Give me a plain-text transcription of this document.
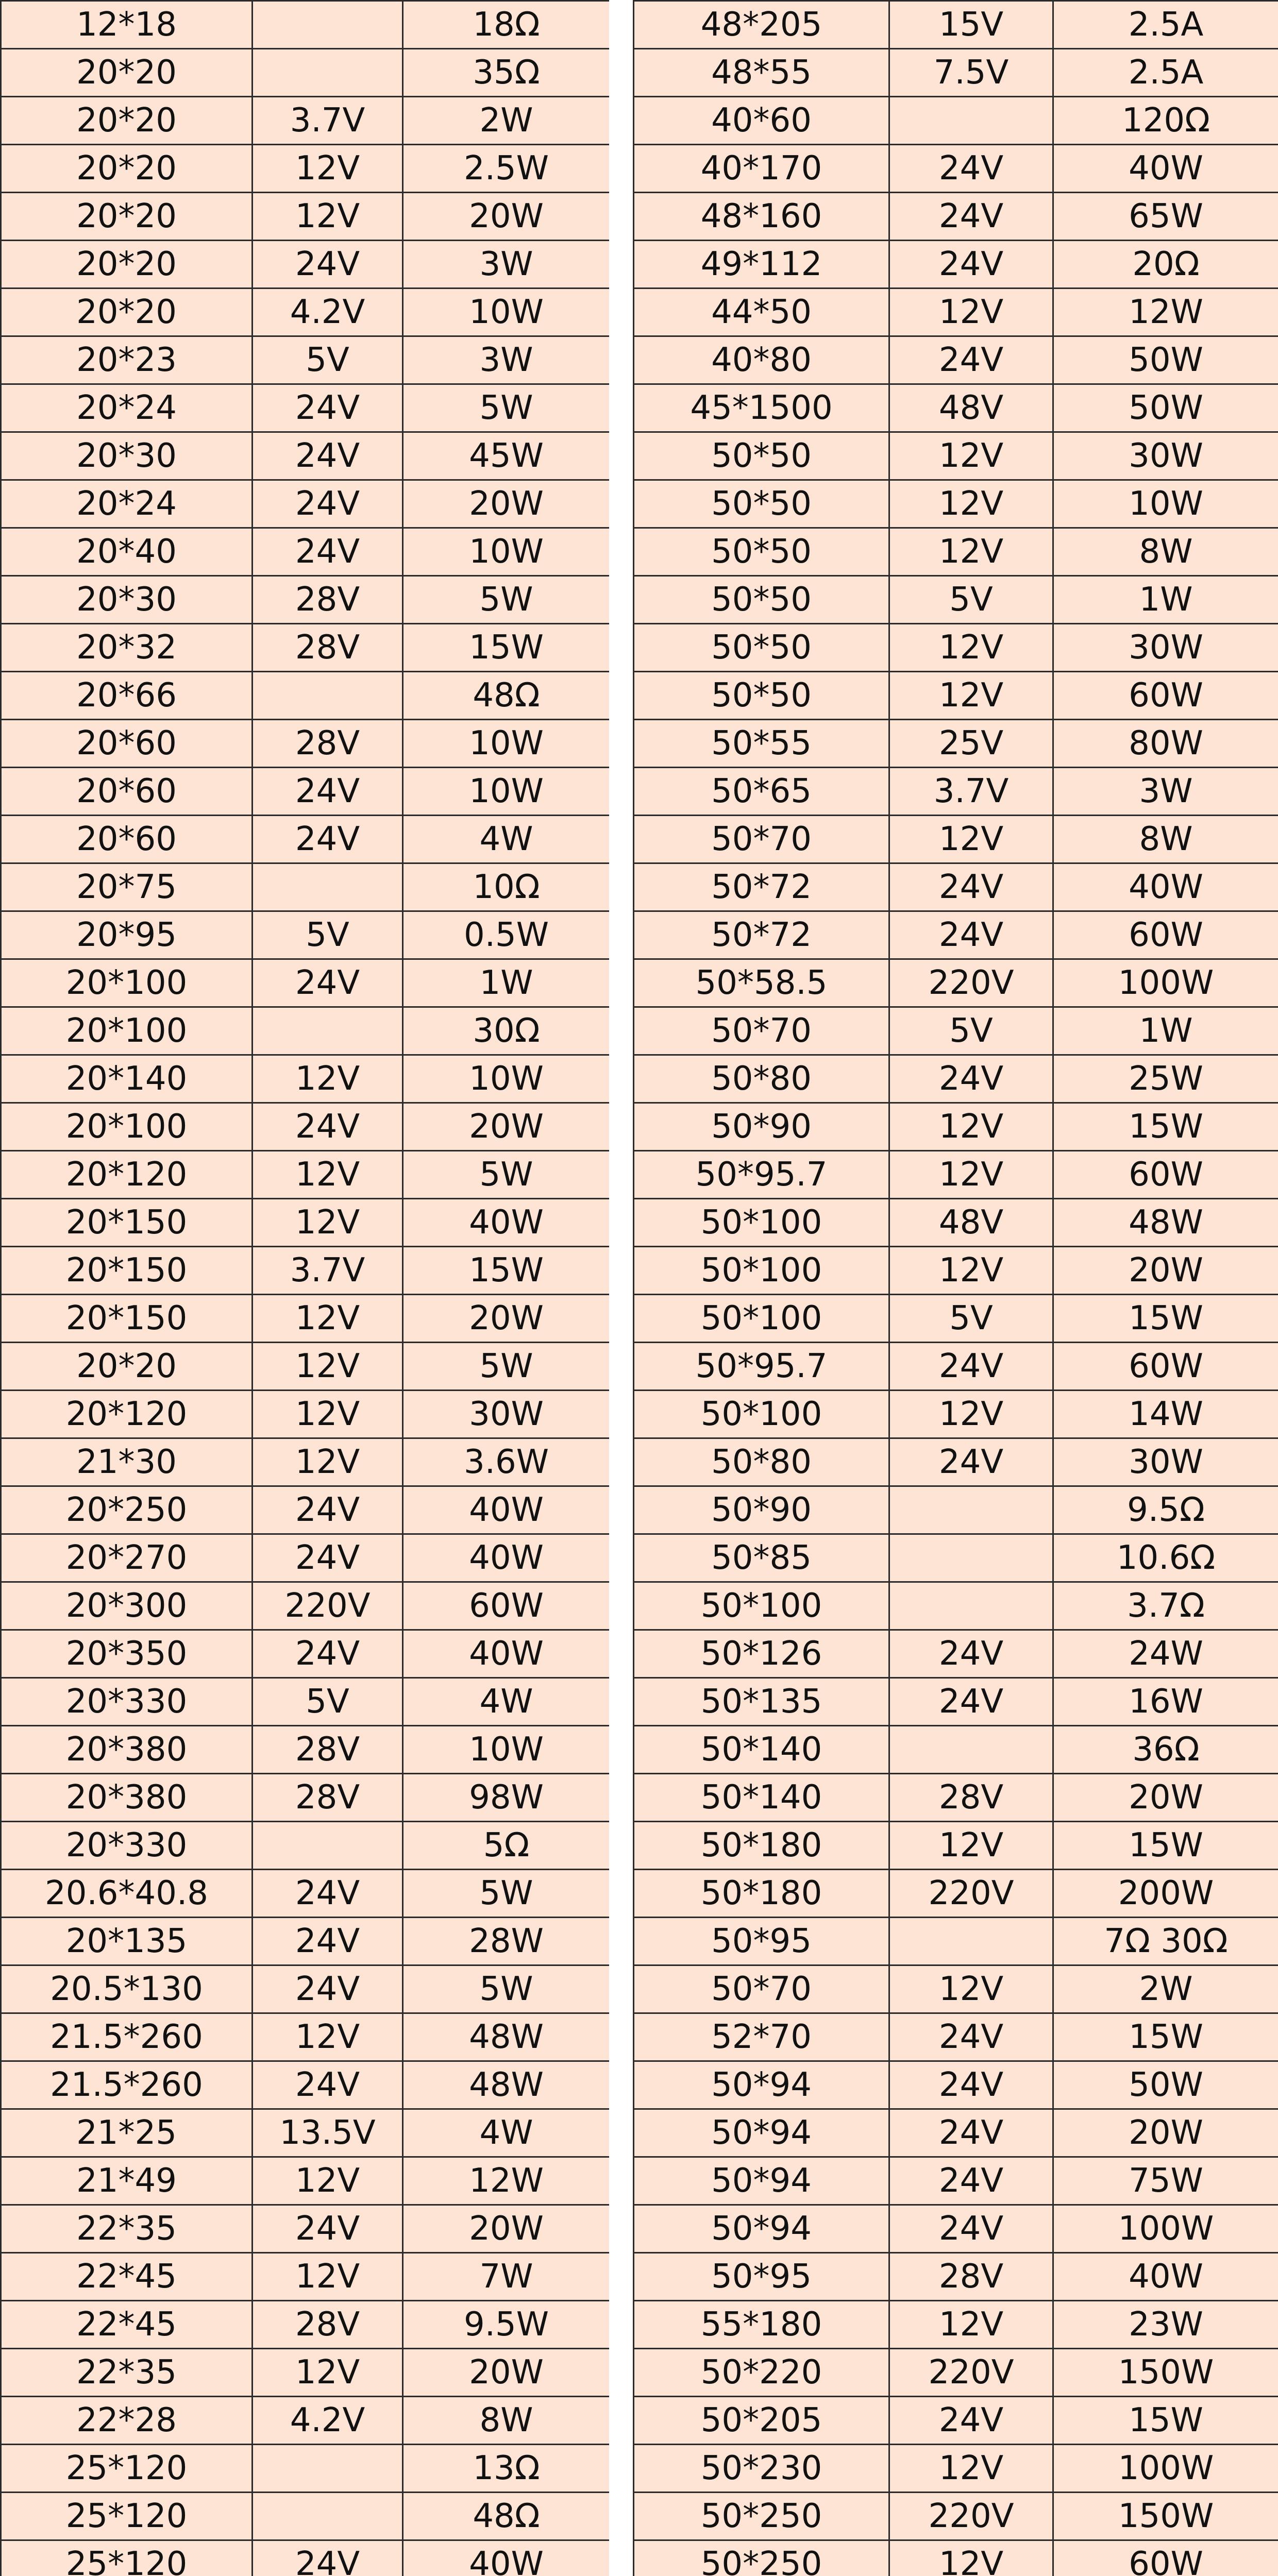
12*18		18Ω
20*20		35Ω
20*20	3.7V	2W
20*20	12V	2.5W
20*20	12V	20W
20*20	24V	3W
20*20	4.2V	10W
20*23	5V	3W
20*24	24V	5W
20*30	24V	45W
20*24	24V	20W
20*40	24V	10W
20*30	28V	5W
20*32	28V	15W
20*66		48Ω
20*60	28V	10W
20*60	24V	10W
20*60	24V	4W
20*75		10Ω
20*95	5V	0.5W
20*100	24V	1W
20*100		30Ω
20*140	12V	10W
20*100	24V	20W
20*120	12V	5W
20*150	12V	40W
20*150	3.7V	15W
20*150	12V	20W
20*20	12V	5W
20*120	12V	30W
21*30	12V	3.6W
20*250	24V	40W
20*270	24V	40W
20*300	220V	60W
20*350	24V	40W
20*330	5V	4W
20*380	28V	10W
20*380	28V	98W
20*330		5Ω
20.6*40.8	24V	5W
20*135	24V	28W
20.5*130	24V	5W
21.5*260	12V	48W
21.5*260	24V	48W
21*25	13.5V	4W
21*49	12V	12W
22*35	24V	20W
22*45	12V	7W
22*45	28V	9.5W
22*35	12V	20W
22*28	4.2V	8W
25*120		13Ω
25*120		48Ω
25*120	24V	40W

48*205	15V	2.5A
48*55	7.5V	2.5A
40*60		120Ω
40*170	24V	40W
48*160	24V	65W
49*112	24V	20Ω
44*50	12V	12W
40*80	24V	50W
45*1500	48V	50W
50*50	12V	30W
50*50	12V	10W
50*50	12V	8W
50*50	5V	1W
50*50	12V	30W
50*50	12V	60W
50*55	25V	80W
50*65	3.7V	3W
50*70	12V	8W
50*72	24V	40W
50*72	24V	60W
50*58.5	220V	100W
50*70	5V	1W
50*80	24V	25W
50*90	12V	15W
50*95.7	12V	60W
50*100	48V	48W
50*100	12V	20W
50*100	5V	15W
50*95.7	24V	60W
50*100	12V	14W
50*80	24V	30W
50*90		9.5Ω
50*85		10.6Ω
50*100		3.7Ω
50*126	24V	24W
50*135	24V	16W
50*140		36Ω
50*140	28V	20W
50*180	12V	15W
50*180	220V	200W
50*95		7Ω 30Ω
50*70	12V	2W
52*70	24V	15W
50*94	24V	50W
50*94	24V	20W
50*94	24V	75W
50*94	24V	100W
50*95	28V	40W
55*180	12V	23W
50*220	220V	150W
50*205	24V	15W
50*230	12V	100W
50*250	220V	150W
50*250	12V	60W
